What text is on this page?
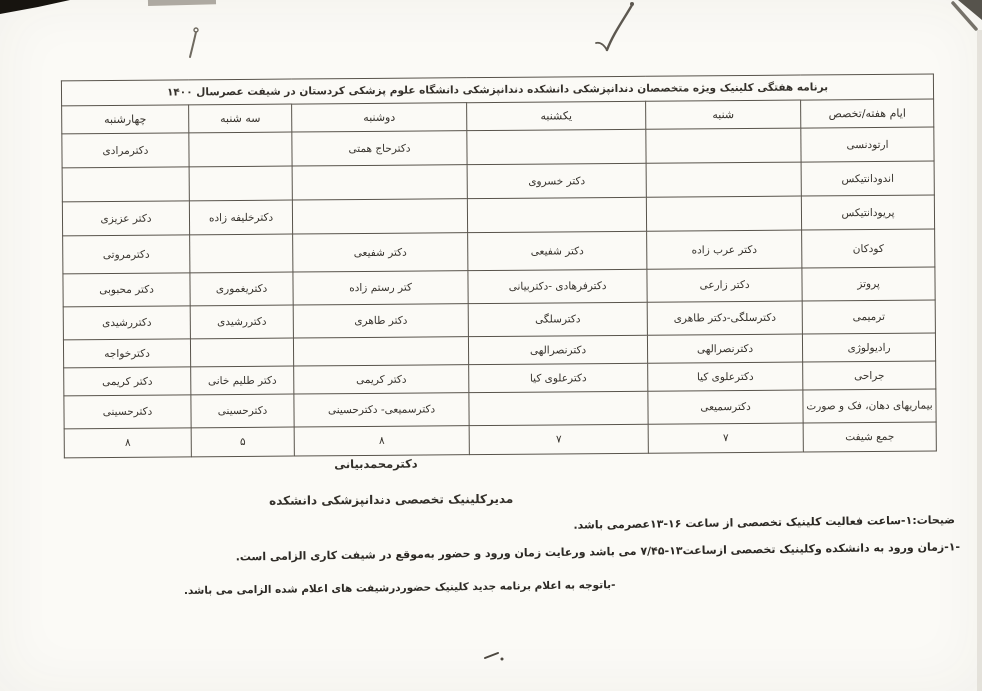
برنامه هفتگی کلینیک ویژه متخصصان دندانپزشکی دانشکده دندانپزشکی دانشگاه علوم پزشکی کردستان در شیفت عصرسال ۱۴۰۰					
ایام هفته/تخصص	شنبه	یکشنبه	دوشنبه	سه شنبه	چهارشنبه
ارتودنسی			دکترحاج همتی		دکترمرادی
اندودانتیکس		دکتر خسروی			
پریودانتیکس				دکترخلیفه زاده	دکتر عزیزی
کودکان	دکتر عرب زاده	دکتر شفیعی	دکتر شفیعی		دکترمروتی
پروتز	دکتر زارعی	دکترفرهادی -دکتربیانی	کتر رستم زاده	دکتریغموری	دکتر محبوبی
ترمیمی	دکترسلگی-دکتر طاهری	دکترسلگی	دکتر طاهری	دکتررشیدی	دکتررشیدی
رادیولوژی	دکترنصرالهی	دکترنصرالهی			دکترخواجه
جراحی	دکترعلوی کیا	دکترعلوی کیا	دکتر کریمی	دکتر طلیم خانی	دکتر کریمی
بیماریهای دهان، فک و صورت	دکترسمیعی		دکترسمیعی- دکترحسینی	دکترحسینی	دکترحسینی
جمع شیفت	۷	۷	۸	۵	۸
دکترمحمدبیانی
مدیرکلینیک تخصصی دندانپزشکی دانشکده
ضیحات:۱-ساعت فعالیت کلینیک تخصصی از ساعت ۱۶-۱۳عصرمی باشد.
-۱-زمان ورود به دانشکده وکلینیک تخصصی ازساعت۱۳-۷/۴۵ می باشد ورعایت زمان ورود و حضور به‌موقع در شیفت کاری الزامی است.
-باتوجه به اعلام برنامه جدید کلینیک حضوردرشیفت های اعلام شده الزامی می باشد.
